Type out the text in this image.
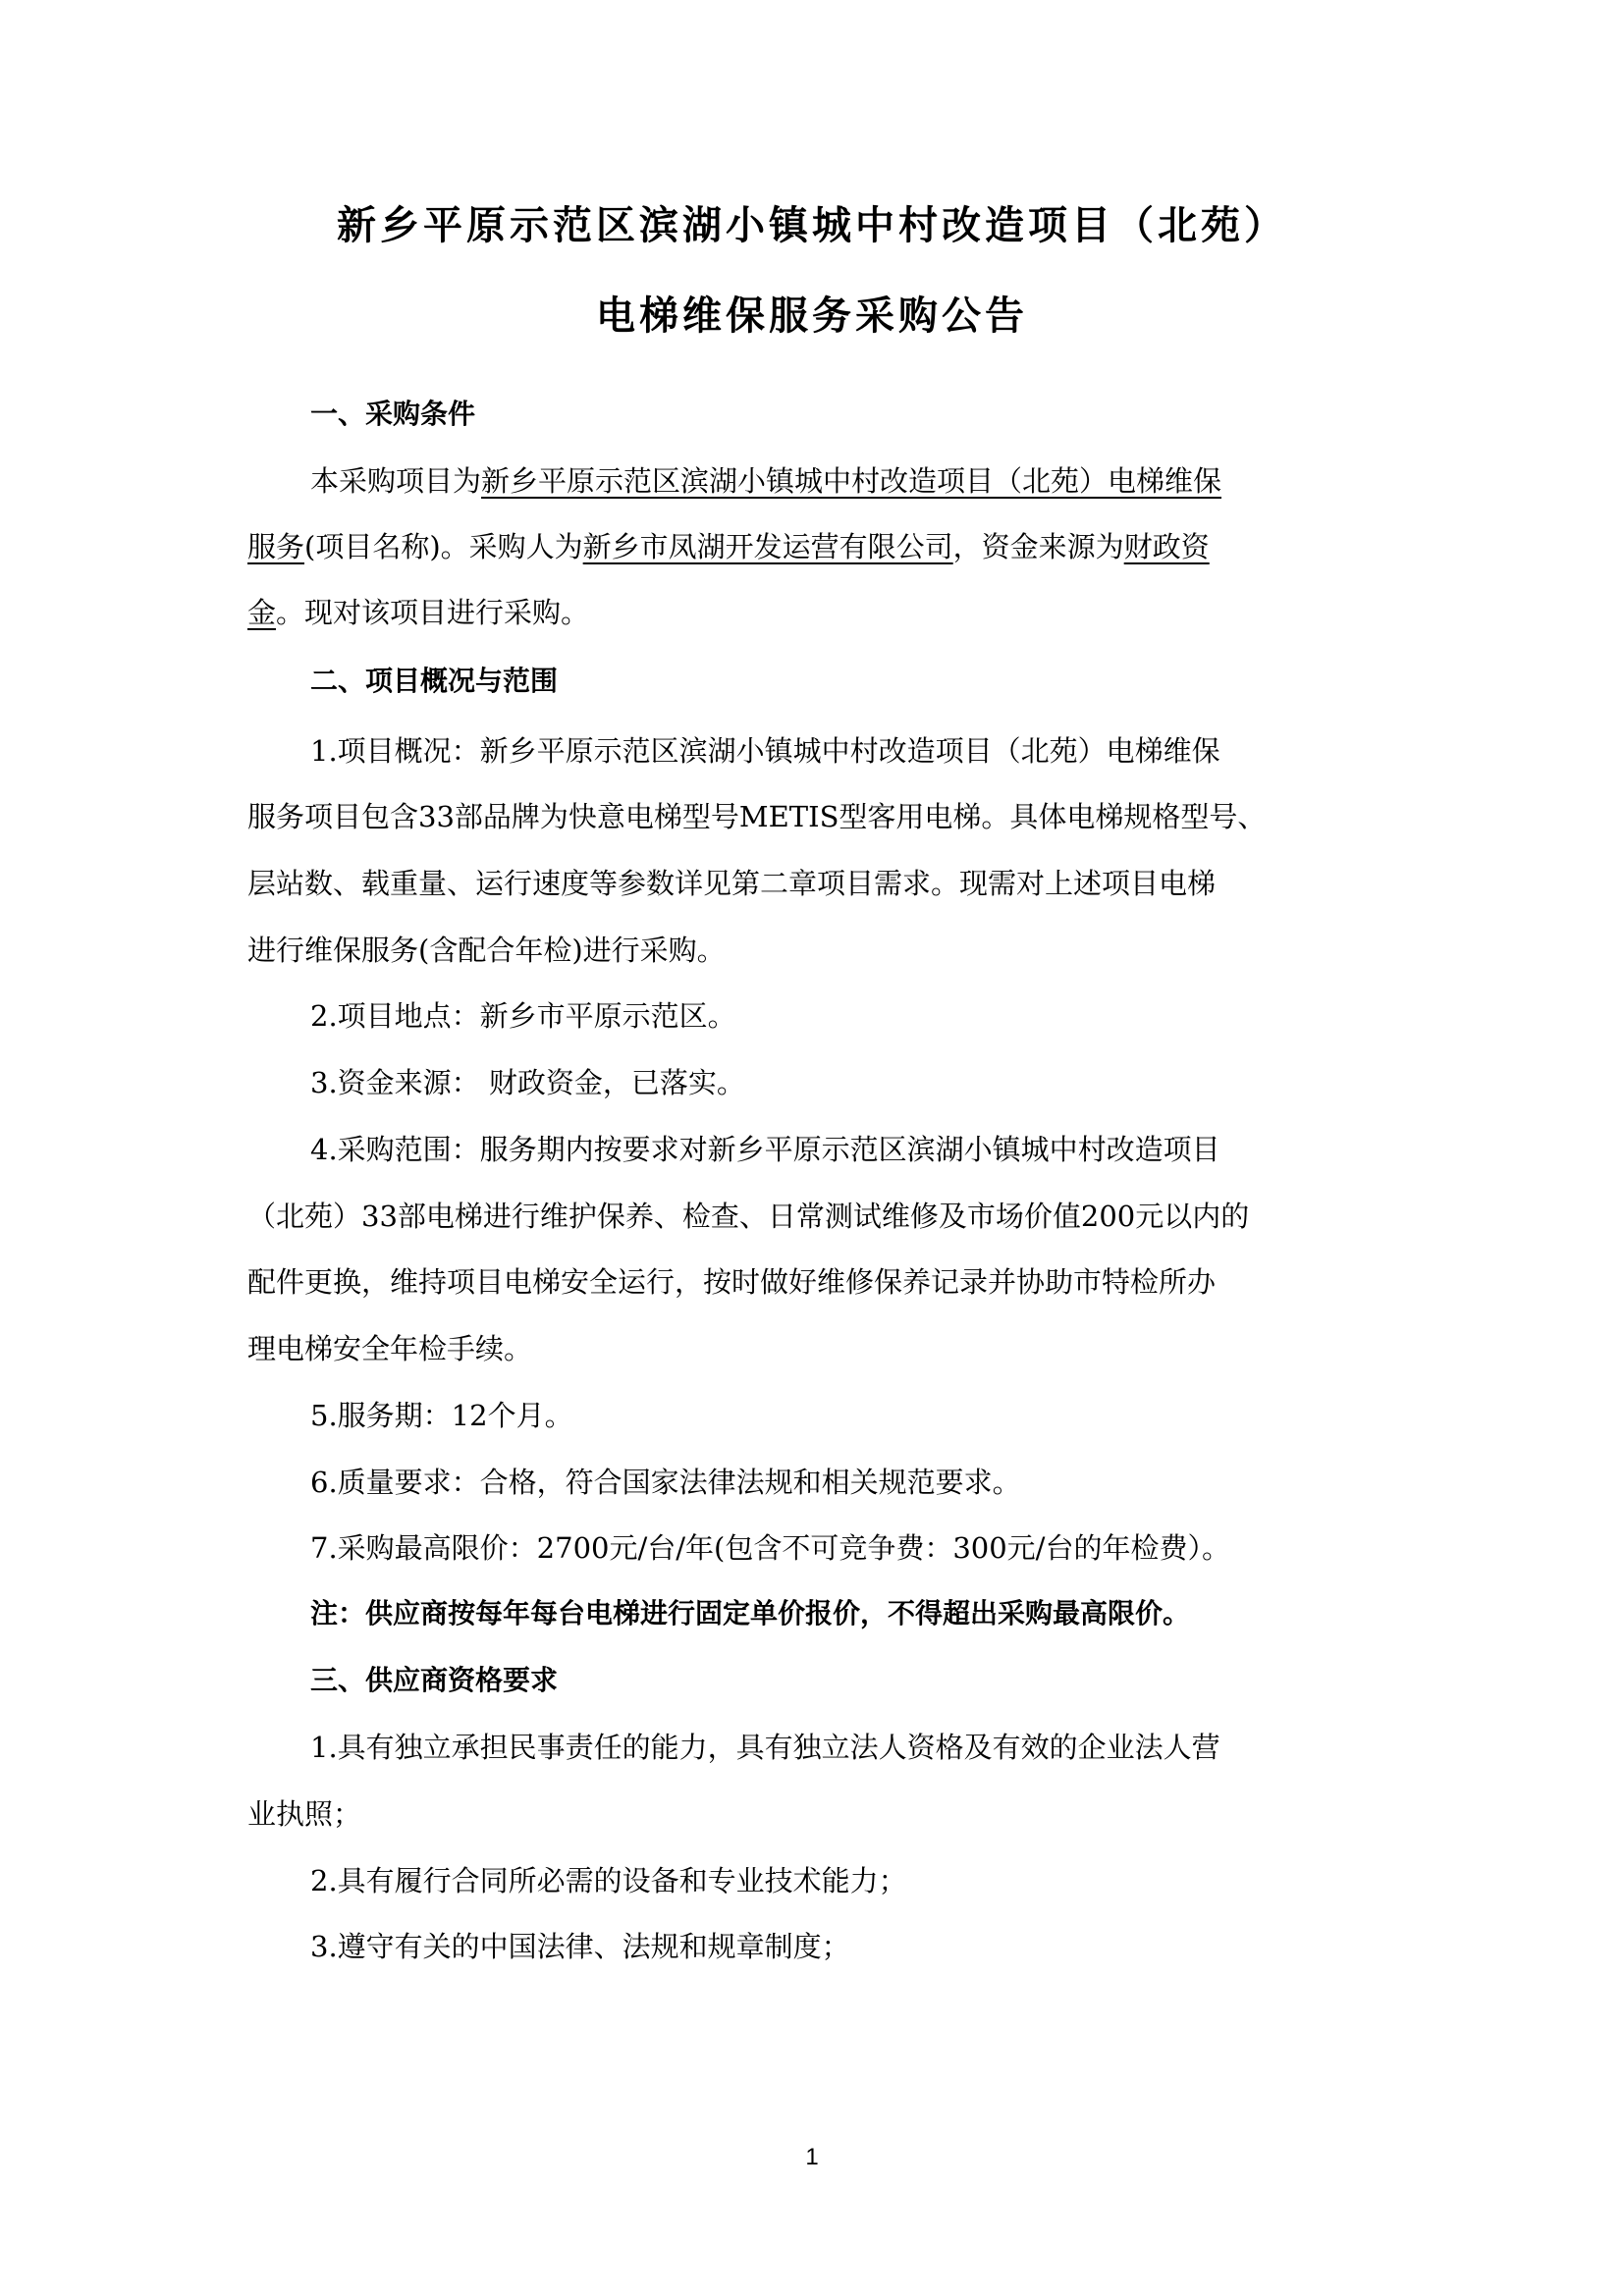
新乡平原示范区滨湖小镇城中村改造项目（北苑）
电梯维保服务采购公告
一、采购条件
本采购项目为新乡平原示范区滨湖小镇城中村改造项目（北苑）电梯维保
服务(项目名称)。采购人为新乡市凤湖开发运营有限公司，资金来源为财政资
金。现对该项目进行采购。
二、项目概况与范围
1.项目概况：新乡平原示范区滨湖小镇城中村改造项目（北苑）电梯维保
服务项目包含33部品牌为快意电梯型号METIS型客用电梯。具体电梯规格型号、
层站数、载重量、运行速度等参数详见第二章项目需求。现需对上述项目电梯
进行维保服务(含配合年检)进行采购。
2.项目地点：新乡市平原示范区。
3.资金来源： 财政资金，已落实。
4.采购范围：服务期内按要求对新乡平原示范区滨湖小镇城中村改造项目
（北苑）33部电梯进行维护保养、检查、日常测试维修及市场价值200元以内的
配件更换，维持项目电梯安全运行，按时做好维修保养记录并协助市特检所办
理电梯安全年检手续。
5.服务期：12个月。
6.质量要求：合格，符合国家法律法规和相关规范要求。
7.采购最高限价：2700元/台/年(包含不可竞争费：300元/台的年检费）。
注：供应商按每年每台电梯进行固定单价报价，不得超出采购最高限价。
三、供应商资格要求
1.具有独立承担民事责任的能力，具有独立法人资格及有效的企业法人营
业执照；
2.具有履行合同所必需的设备和专业技术能力；
3.遵守有关的中国法律、法规和规章制度；
1
